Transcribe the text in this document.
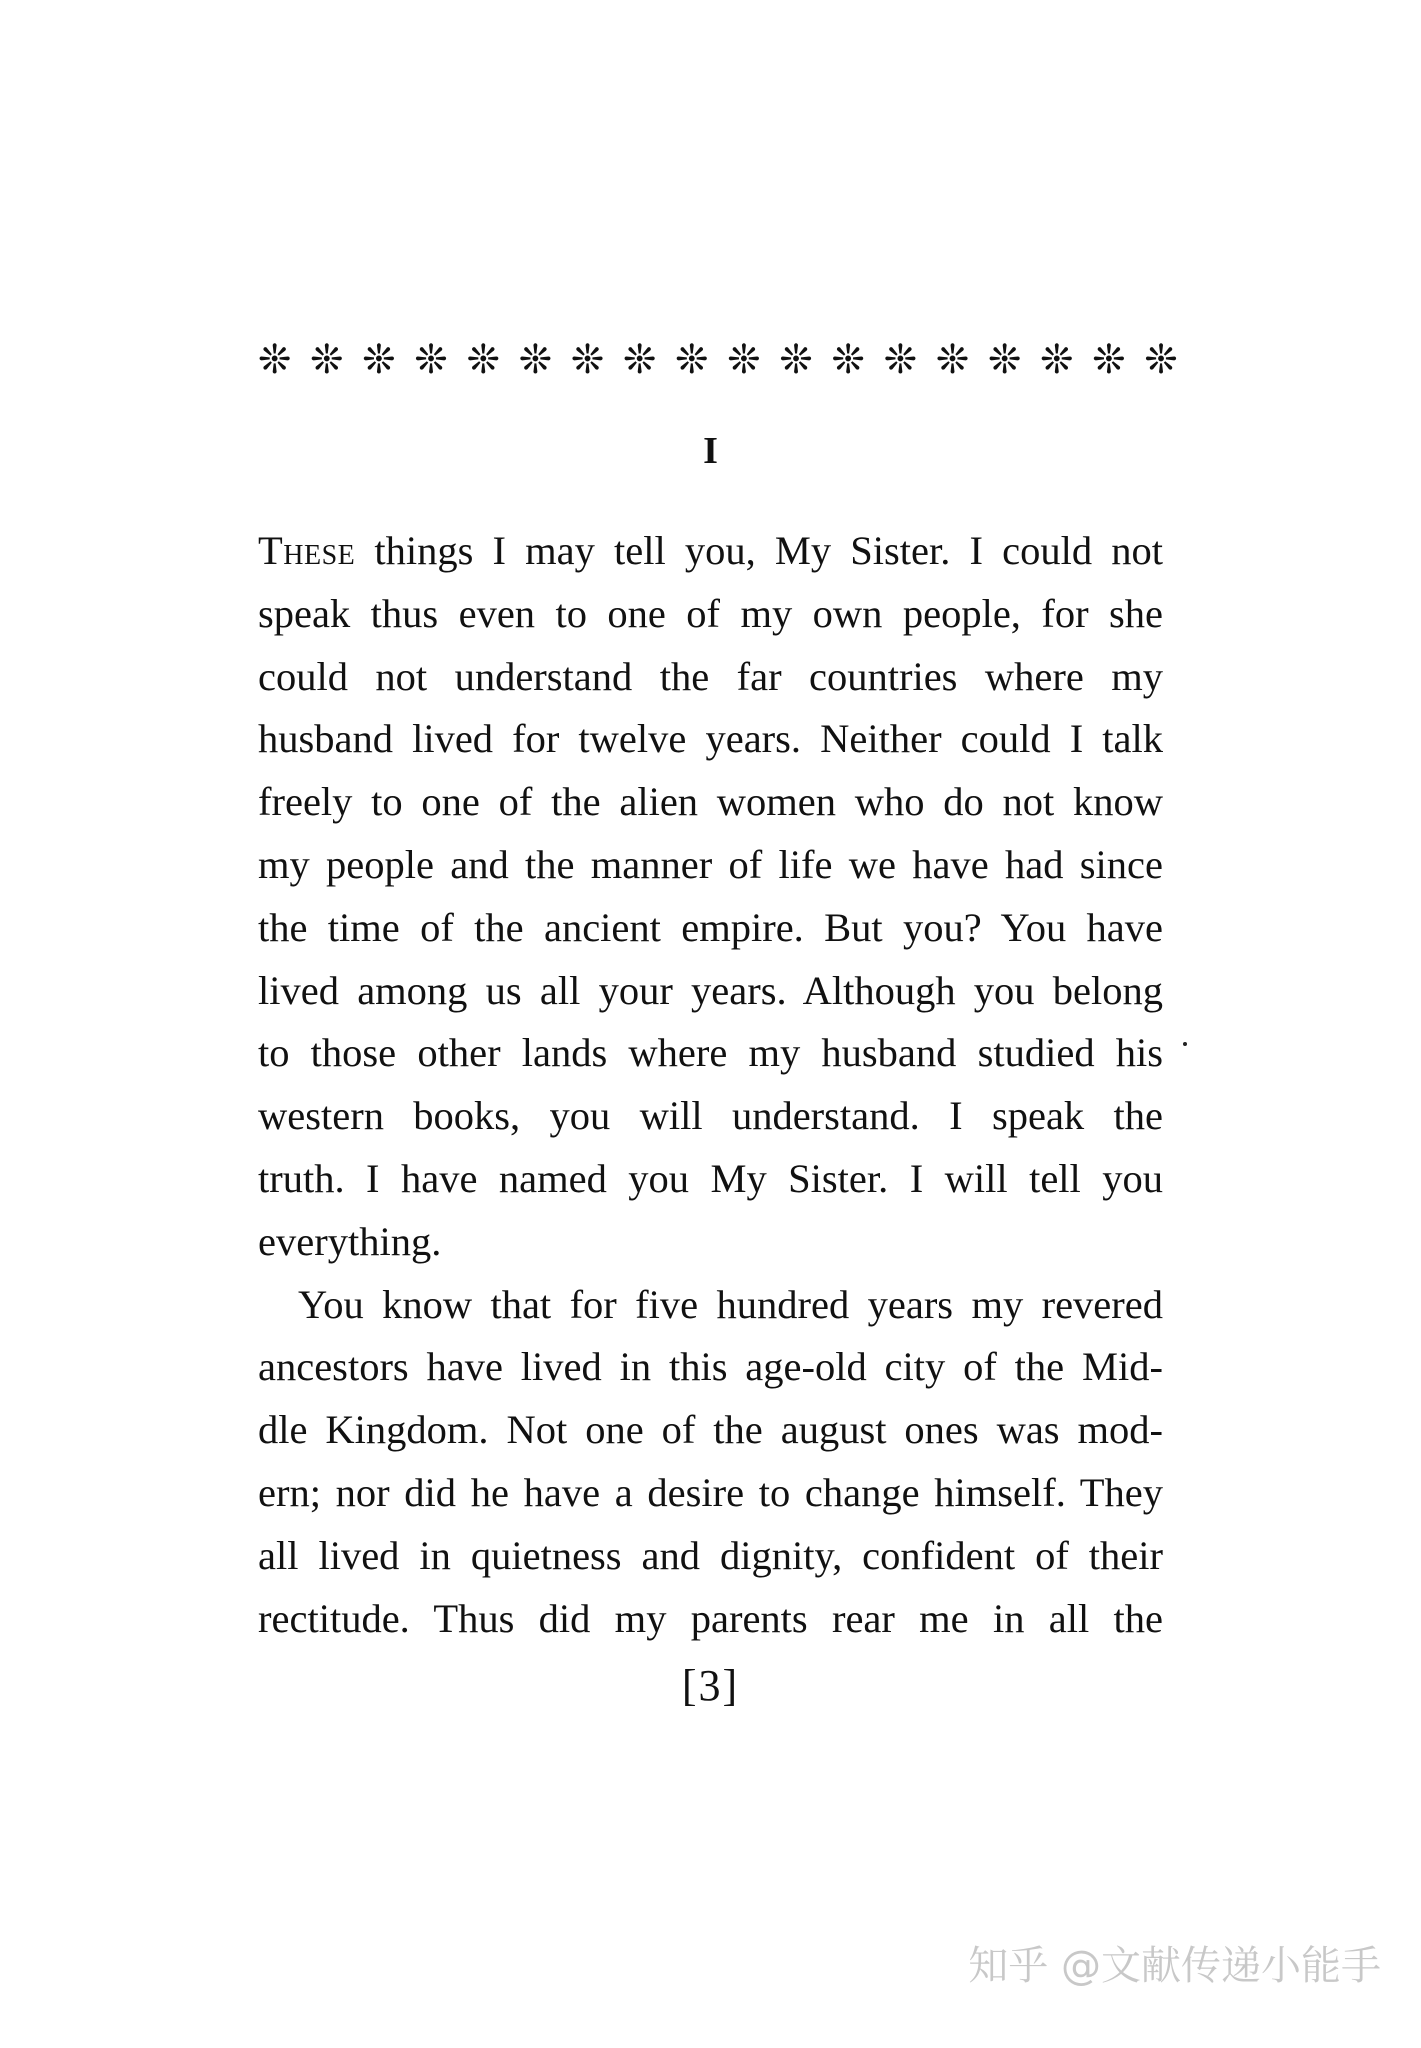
❊ ❊ ❊ ❊ ❊ ❊ ❊ ❊ ❊ ❊ ❊ ❊ ❊ ❊ ❊ ❊ ❊ ❊
I
These things I may tell you, My Sister. I could not
speak thus even to one of my own people, for she
could not understand the far countries where my
husband lived for twelve years. Neither could I talk
freely to one of the alien women who do not know
my people and the manner of life we have had since
the time of the ancient empire. But you? You have
lived among us all your years. Although you belong
to those other lands where my husband studied his
western books, you will understand. I speak the
truth. I have named you My Sister. I will tell you
everything.
You know that for five hundred years my revered
ancestors have lived in this age-old city of the Mid-
dle Kingdom. Not one of the august ones was mod-
ern; nor did he have a desire to change himself. They
all lived in quietness and dignity, confident of their
rectitude. Thus did my parents rear me in all the
[3]
知乎 @文献传递小能手
